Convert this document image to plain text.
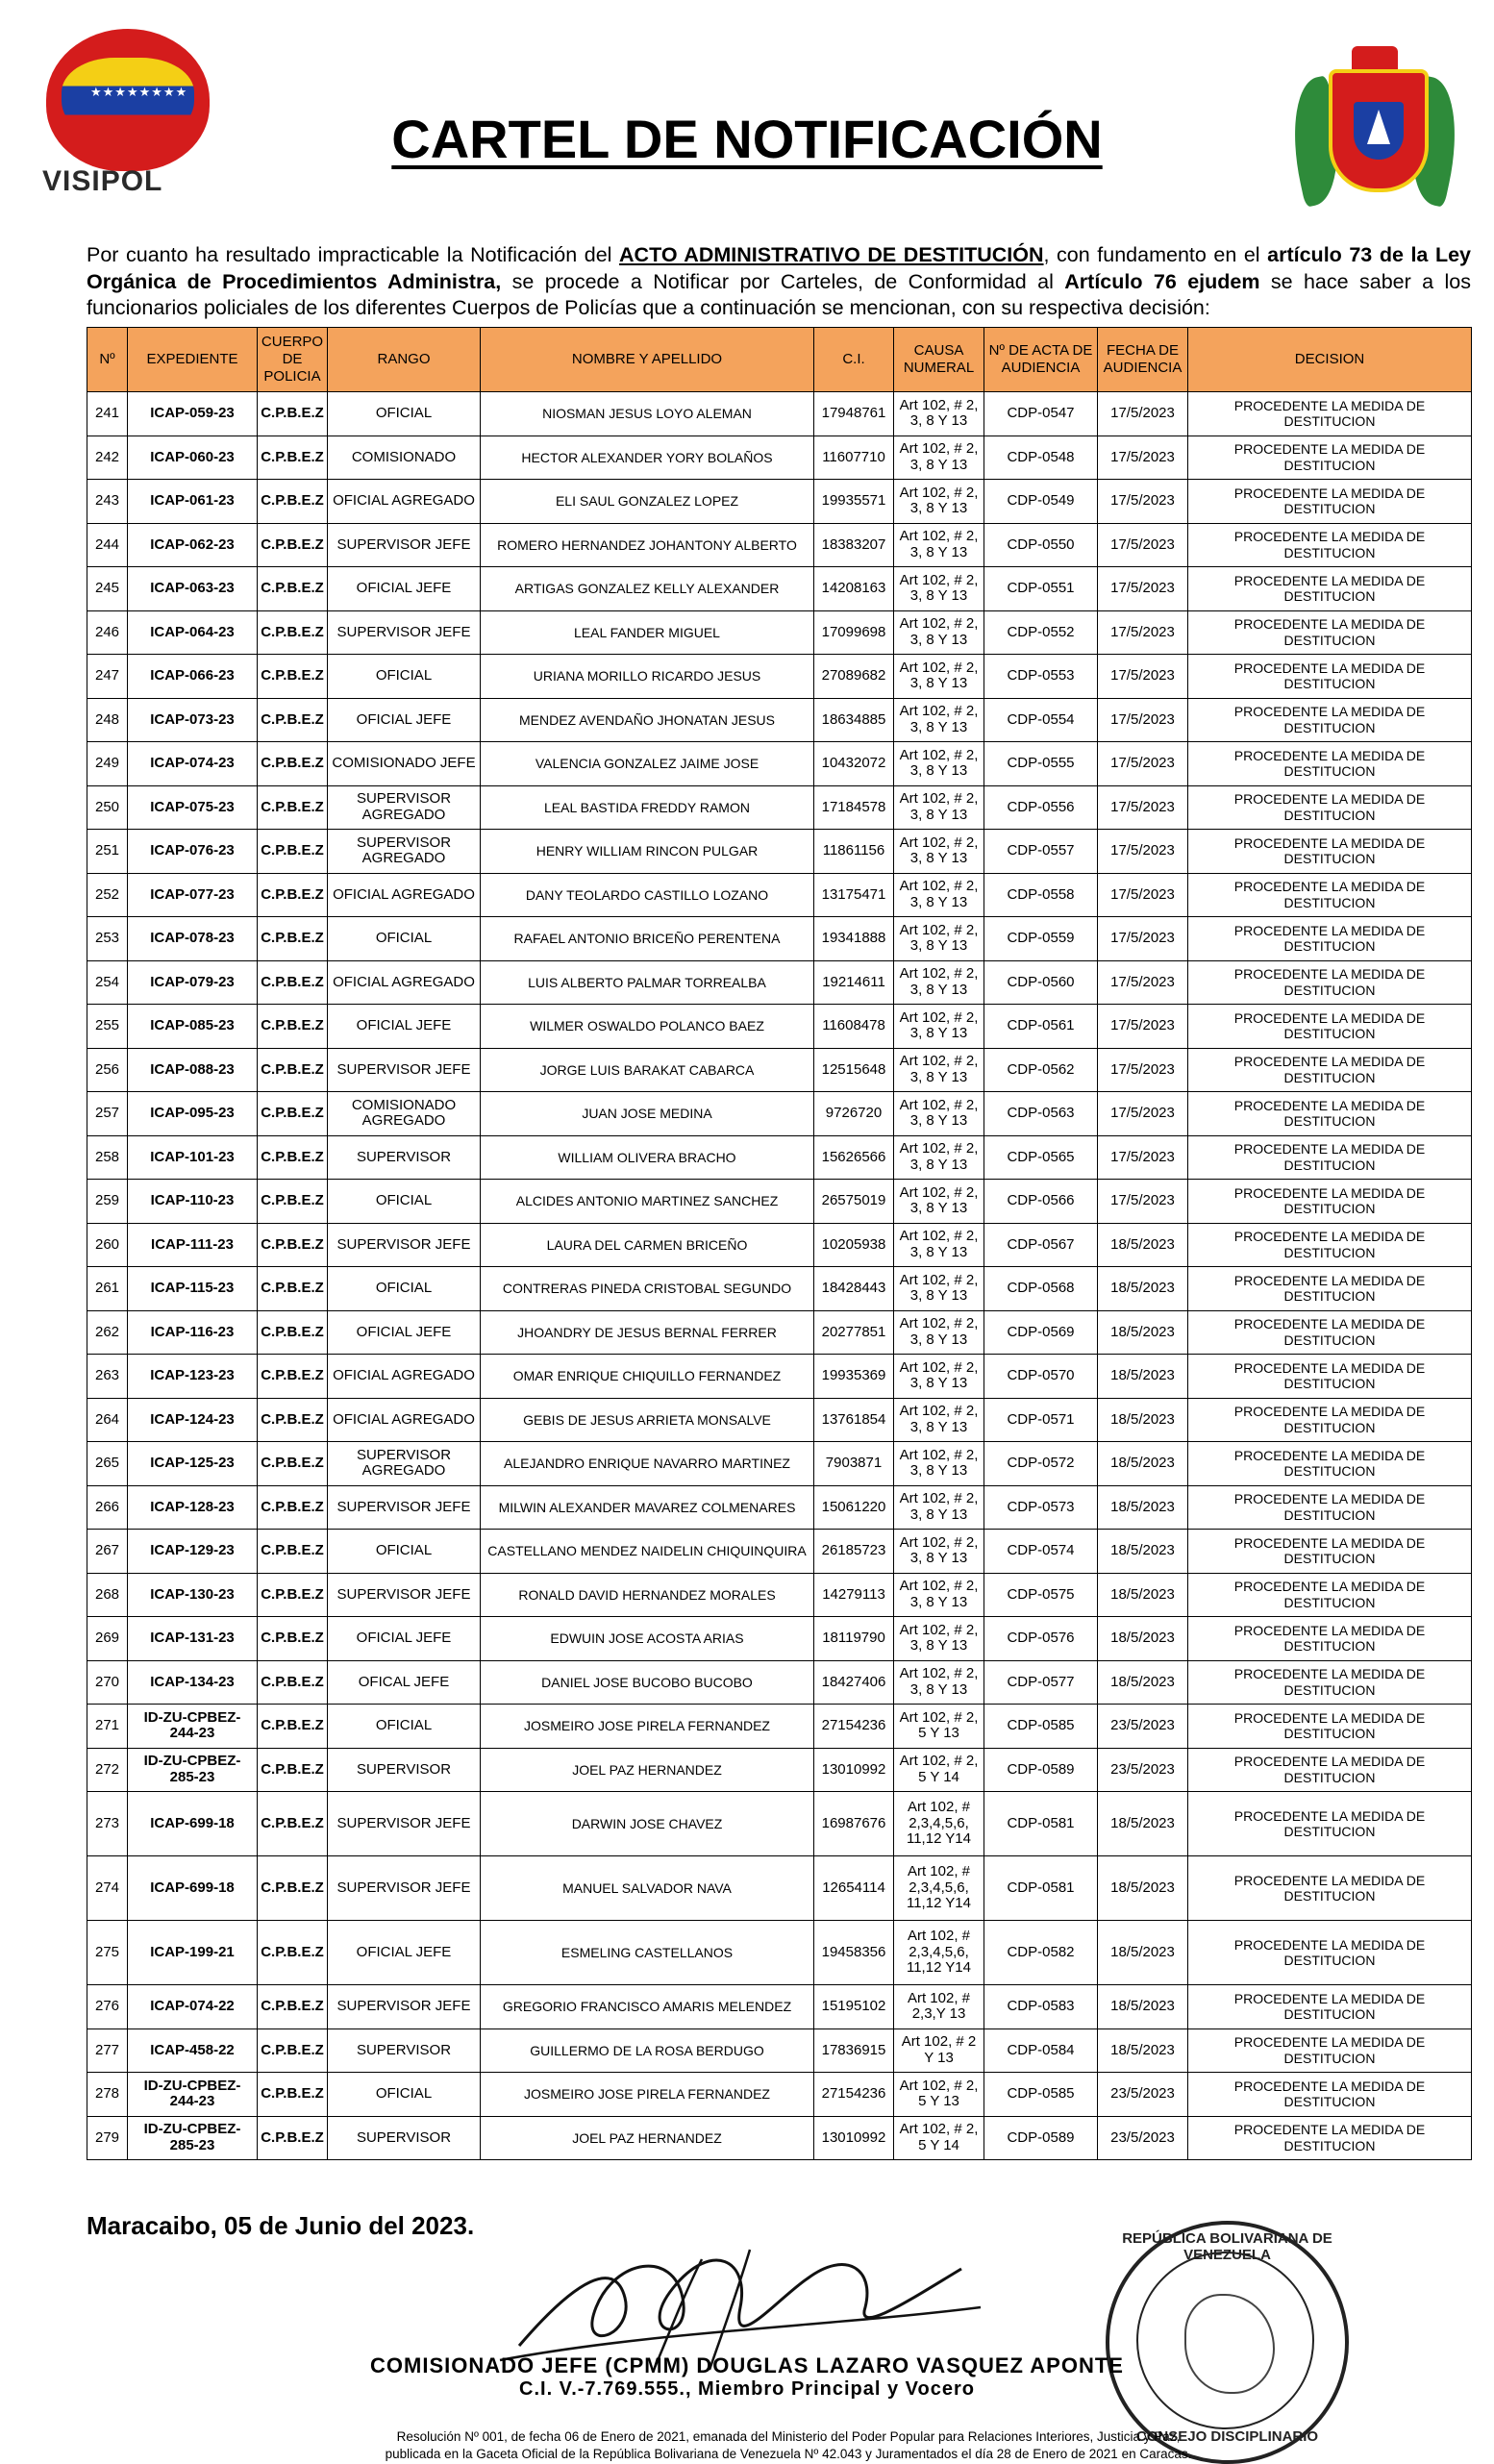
★★★★★★★★
VISIPOL
CARTEL DE NOTIFICACIÓN
Por cuanto ha resultado impracticable la Notificación del ACTO ADMINISTRATIVO DE DESTITUCIÓN, con fundamento en el artículo 73 de la Ley Orgánica de Procedimientos Administra, se procede a Notificar por Carteles, de Conformidad al Artículo 76 ejudem se hace saber a los funcionarios policiales de los diferentes Cuerpos de Policías que a continuación se mencionan, con su respectiva decisión:
Nº	EXPEDIENTE	CUERPO DE POLICIA	RANGO	NOMBRE Y APELLIDO	C.I.	CAUSA NUMERAL	Nº DE ACTA DE AUDIENCIA	FECHA DE AUDIENCIA	DECISION
241	ICAP-059-23	C.P.B.E.Z	OFICIAL	NIOSMAN JESUS LOYO ALEMAN	17948761	Art 102, # 2, 3, 8 Y 13	CDP-0547	17/5/2023	PROCEDENTE LA MEDIDA DE DESTITUCION
242	ICAP-060-23	C.P.B.E.Z	COMISIONADO	HECTOR ALEXANDER YORY BOLAÑOS	11607710	Art 102, # 2, 3, 8 Y 13	CDP-0548	17/5/2023	PROCEDENTE LA MEDIDA DE DESTITUCION
243	ICAP-061-23	C.P.B.E.Z	OFICIAL AGREGADO	ELI SAUL GONZALEZ LOPEZ	19935571	Art 102, # 2, 3, 8 Y 13	CDP-0549	17/5/2023	PROCEDENTE LA MEDIDA DE DESTITUCION
244	ICAP-062-23	C.P.B.E.Z	SUPERVISOR JEFE	ROMERO HERNANDEZ JOHANTONY ALBERTO	18383207	Art 102, # 2, 3, 8 Y 13	CDP-0550	17/5/2023	PROCEDENTE LA MEDIDA DE DESTITUCION
245	ICAP-063-23	C.P.B.E.Z	OFICIAL JEFE	ARTIGAS GONZALEZ KELLY ALEXANDER	14208163	Art 102, # 2, 3, 8 Y 13	CDP-0551	17/5/2023	PROCEDENTE LA MEDIDA DE DESTITUCION
246	ICAP-064-23	C.P.B.E.Z	SUPERVISOR JEFE	LEAL FANDER MIGUEL	17099698	Art 102, # 2, 3, 8 Y 13	CDP-0552	17/5/2023	PROCEDENTE LA MEDIDA DE DESTITUCION
247	ICAP-066-23	C.P.B.E.Z	OFICIAL	URIANA MORILLO RICARDO JESUS	27089682	Art 102, # 2, 3, 8 Y 13	CDP-0553	17/5/2023	PROCEDENTE LA MEDIDA DE DESTITUCION
248	ICAP-073-23	C.P.B.E.Z	OFICIAL JEFE	MENDEZ AVENDAÑO JHONATAN JESUS	18634885	Art 102, # 2, 3, 8 Y 13	CDP-0554	17/5/2023	PROCEDENTE LA MEDIDA DE DESTITUCION
249	ICAP-074-23	C.P.B.E.Z	COMISIONADO JEFE	VALENCIA GONZALEZ JAIME JOSE	10432072	Art 102, # 2, 3, 8 Y 13	CDP-0555	17/5/2023	PROCEDENTE LA MEDIDA DE DESTITUCION
250	ICAP-075-23	C.P.B.E.Z	SUPERVISOR AGREGADO	LEAL BASTIDA FREDDY RAMON	17184578	Art 102, # 2, 3, 8 Y 13	CDP-0556	17/5/2023	PROCEDENTE LA MEDIDA DE DESTITUCION
251	ICAP-076-23	C.P.B.E.Z	SUPERVISOR AGREGADO	HENRY WILLIAM RINCON PULGAR	11861156	Art 102, # 2, 3, 8 Y 13	CDP-0557	17/5/2023	PROCEDENTE LA MEDIDA DE DESTITUCION
252	ICAP-077-23	C.P.B.E.Z	OFICIAL AGREGADO	DANY TEOLARDO CASTILLO LOZANO	13175471	Art 102, # 2, 3, 8 Y 13	CDP-0558	17/5/2023	PROCEDENTE LA MEDIDA DE DESTITUCION
253	ICAP-078-23	C.P.B.E.Z	OFICIAL	RAFAEL ANTONIO BRICEÑO PERENTENA	19341888	Art 102, # 2, 3, 8 Y 13	CDP-0559	17/5/2023	PROCEDENTE LA MEDIDA DE DESTITUCION
254	ICAP-079-23	C.P.B.E.Z	OFICIAL AGREGADO	LUIS ALBERTO PALMAR TORREALBA	19214611	Art 102, # 2, 3, 8 Y 13	CDP-0560	17/5/2023	PROCEDENTE LA MEDIDA DE DESTITUCION
255	ICAP-085-23	C.P.B.E.Z	OFICIAL JEFE	WILMER OSWALDO POLANCO BAEZ	11608478	Art 102, # 2, 3, 8 Y 13	CDP-0561	17/5/2023	PROCEDENTE LA MEDIDA DE DESTITUCION
256	ICAP-088-23	C.P.B.E.Z	SUPERVISOR JEFE	JORGE LUIS BARAKAT CABARCA	12515648	Art 102, # 2, 3, 8 Y 13	CDP-0562	17/5/2023	PROCEDENTE LA MEDIDA DE DESTITUCION
257	ICAP-095-23	C.P.B.E.Z	COMISIONADO AGREGADO	JUAN JOSE MEDINA	9726720	Art 102, # 2, 3, 8 Y 13	CDP-0563	17/5/2023	PROCEDENTE LA MEDIDA DE DESTITUCION
258	ICAP-101-23	C.P.B.E.Z	SUPERVISOR	WILLIAM OLIVERA BRACHO	15626566	Art 102, # 2, 3, 8 Y 13	CDP-0565	17/5/2023	PROCEDENTE LA MEDIDA DE DESTITUCION
259	ICAP-110-23	C.P.B.E.Z	OFICIAL	ALCIDES ANTONIO MARTINEZ SANCHEZ	26575019	Art 102, # 2, 3, 8 Y 13	CDP-0566	17/5/2023	PROCEDENTE LA MEDIDA DE DESTITUCION
260	ICAP-111-23	C.P.B.E.Z	SUPERVISOR JEFE	LAURA DEL CARMEN BRICEÑO	10205938	Art 102, # 2, 3, 8 Y 13	CDP-0567	18/5/2023	PROCEDENTE LA MEDIDA DE DESTITUCION
261	ICAP-115-23	C.P.B.E.Z	OFICIAL	CONTRERAS PINEDA CRISTOBAL SEGUNDO	18428443	Art 102, # 2, 3, 8 Y 13	CDP-0568	18/5/2023	PROCEDENTE LA MEDIDA DE DESTITUCION
262	ICAP-116-23	C.P.B.E.Z	OFICIAL JEFE	JHOANDRY DE JESUS BERNAL FERRER	20277851	Art 102, # 2, 3, 8 Y 13	CDP-0569	18/5/2023	PROCEDENTE LA MEDIDA DE DESTITUCION
263	ICAP-123-23	C.P.B.E.Z	OFICIAL AGREGADO	OMAR ENRIQUE CHIQUILLO FERNANDEZ	19935369	Art 102, # 2, 3, 8 Y 13	CDP-0570	18/5/2023	PROCEDENTE LA MEDIDA DE DESTITUCION
264	ICAP-124-23	C.P.B.E.Z	OFICIAL AGREGADO	GEBIS DE JESUS ARRIETA MONSALVE	13761854	Art 102, # 2, 3, 8 Y 13	CDP-0571	18/5/2023	PROCEDENTE LA MEDIDA DE DESTITUCION
265	ICAP-125-23	C.P.B.E.Z	SUPERVISOR AGREGADO	ALEJANDRO ENRIQUE NAVARRO MARTINEZ	7903871	Art 102, # 2, 3, 8 Y 13	CDP-0572	18/5/2023	PROCEDENTE LA MEDIDA DE DESTITUCION
266	ICAP-128-23	C.P.B.E.Z	SUPERVISOR JEFE	MILWIN ALEXANDER MAVAREZ COLMENARES	15061220	Art 102, # 2, 3, 8 Y 13	CDP-0573	18/5/2023	PROCEDENTE LA MEDIDA DE DESTITUCION
267	ICAP-129-23	C.P.B.E.Z	OFICIAL	CASTELLANO MENDEZ NAIDELIN CHIQUINQUIRA	26185723	Art 102, # 2, 3, 8 Y 13	CDP-0574	18/5/2023	PROCEDENTE LA MEDIDA DE DESTITUCION
268	ICAP-130-23	C.P.B.E.Z	SUPERVISOR JEFE	RONALD DAVID HERNANDEZ MORALES	14279113	Art 102, # 2, 3, 8 Y 13	CDP-0575	18/5/2023	PROCEDENTE LA MEDIDA DE DESTITUCION
269	ICAP-131-23	C.P.B.E.Z	OFICIAL JEFE	EDWUIN JOSE ACOSTA ARIAS	18119790	Art 102, # 2, 3, 8 Y 13	CDP-0576	18/5/2023	PROCEDENTE LA MEDIDA DE DESTITUCION
270	ICAP-134-23	C.P.B.E.Z	OFICAL JEFE	DANIEL JOSE BUCOBO BUCOBO	18427406	Art 102, # 2, 3, 8 Y 13	CDP-0577	18/5/2023	PROCEDENTE LA MEDIDA DE DESTITUCION
271	ID-ZU-CPBEZ-244-23	C.P.B.E.Z	OFICIAL	JOSMEIRO JOSE PIRELA FERNANDEZ	27154236	Art 102, # 2, 5 Y 13	CDP-0585	23/5/2023	PROCEDENTE LA MEDIDA DE DESTITUCION
272	ID-ZU-CPBEZ-285-23	C.P.B.E.Z	SUPERVISOR	JOEL PAZ HERNANDEZ	13010992	Art 102, # 2, 5 Y 14	CDP-0589	23/5/2023	PROCEDENTE LA MEDIDA DE DESTITUCION
273	ICAP-699-18	C.P.B.E.Z	SUPERVISOR JEFE	DARWIN JOSE CHAVEZ	16987676	Art 102, # 2,3,4,5,6, 11,12 Y14	CDP-0581	18/5/2023	PROCEDENTE LA MEDIDA DE DESTITUCION
274	ICAP-699-18	C.P.B.E.Z	SUPERVISOR JEFE	MANUEL SALVADOR NAVA	12654114	Art 102, # 2,3,4,5,6, 11,12 Y14	CDP-0581	18/5/2023	PROCEDENTE LA MEDIDA DE DESTITUCION
275	ICAP-199-21	C.P.B.E.Z	OFICIAL JEFE	ESMELING CASTELLANOS	19458356	Art 102, # 2,3,4,5,6, 11,12 Y14	CDP-0582	18/5/2023	PROCEDENTE LA MEDIDA DE DESTITUCION
276	ICAP-074-22	C.P.B.E.Z	SUPERVISOR JEFE	GREGORIO FRANCISCO AMARIS MELENDEZ	15195102	Art 102, # 2,3,Y 13	CDP-0583	18/5/2023	PROCEDENTE LA MEDIDA DE DESTITUCION
277	ICAP-458-22	C.P.B.E.Z	SUPERVISOR	GUILLERMO DE LA ROSA BERDUGO	17836915	Art 102, # 2 Y 13	CDP-0584	18/5/2023	PROCEDENTE LA MEDIDA DE DESTITUCION
278	ID-ZU-CPBEZ-244-23	C.P.B.E.Z	OFICIAL	JOSMEIRO JOSE PIRELA FERNANDEZ	27154236	Art 102, # 2, 5 Y 13	CDP-0585	23/5/2023	PROCEDENTE LA MEDIDA DE DESTITUCION
279	ID-ZU-CPBEZ-285-23	C.P.B.E.Z	SUPERVISOR	JOEL PAZ HERNANDEZ	13010992	Art 102, # 2, 5 Y 14	CDP-0589	23/5/2023	PROCEDENTE LA MEDIDA DE DESTITUCION
Maracaibo, 05 de Junio del 2023.	REPÚBLICA BOLIVARIANA DE VENEZUELA
CONSEJO DISCIPLINARIO
COMISIONADO JEFE (CPMM) DOUGLAS LAZARO VASQUEZ APONTE
C.I. V.-7.769.555., Miembro Principal y Vocero
Resolución Nº 001, de fecha 06 de Enero de 2021, emanada del Ministerio del Poder Popular para Relaciones Interiores, Justicia y Paz,
publicada en la Gaceta Oficial de la República Bolivariana de Venezuela Nº 42.043 y Juramentados el día 28 de Enero de 2021 en Caracas.
